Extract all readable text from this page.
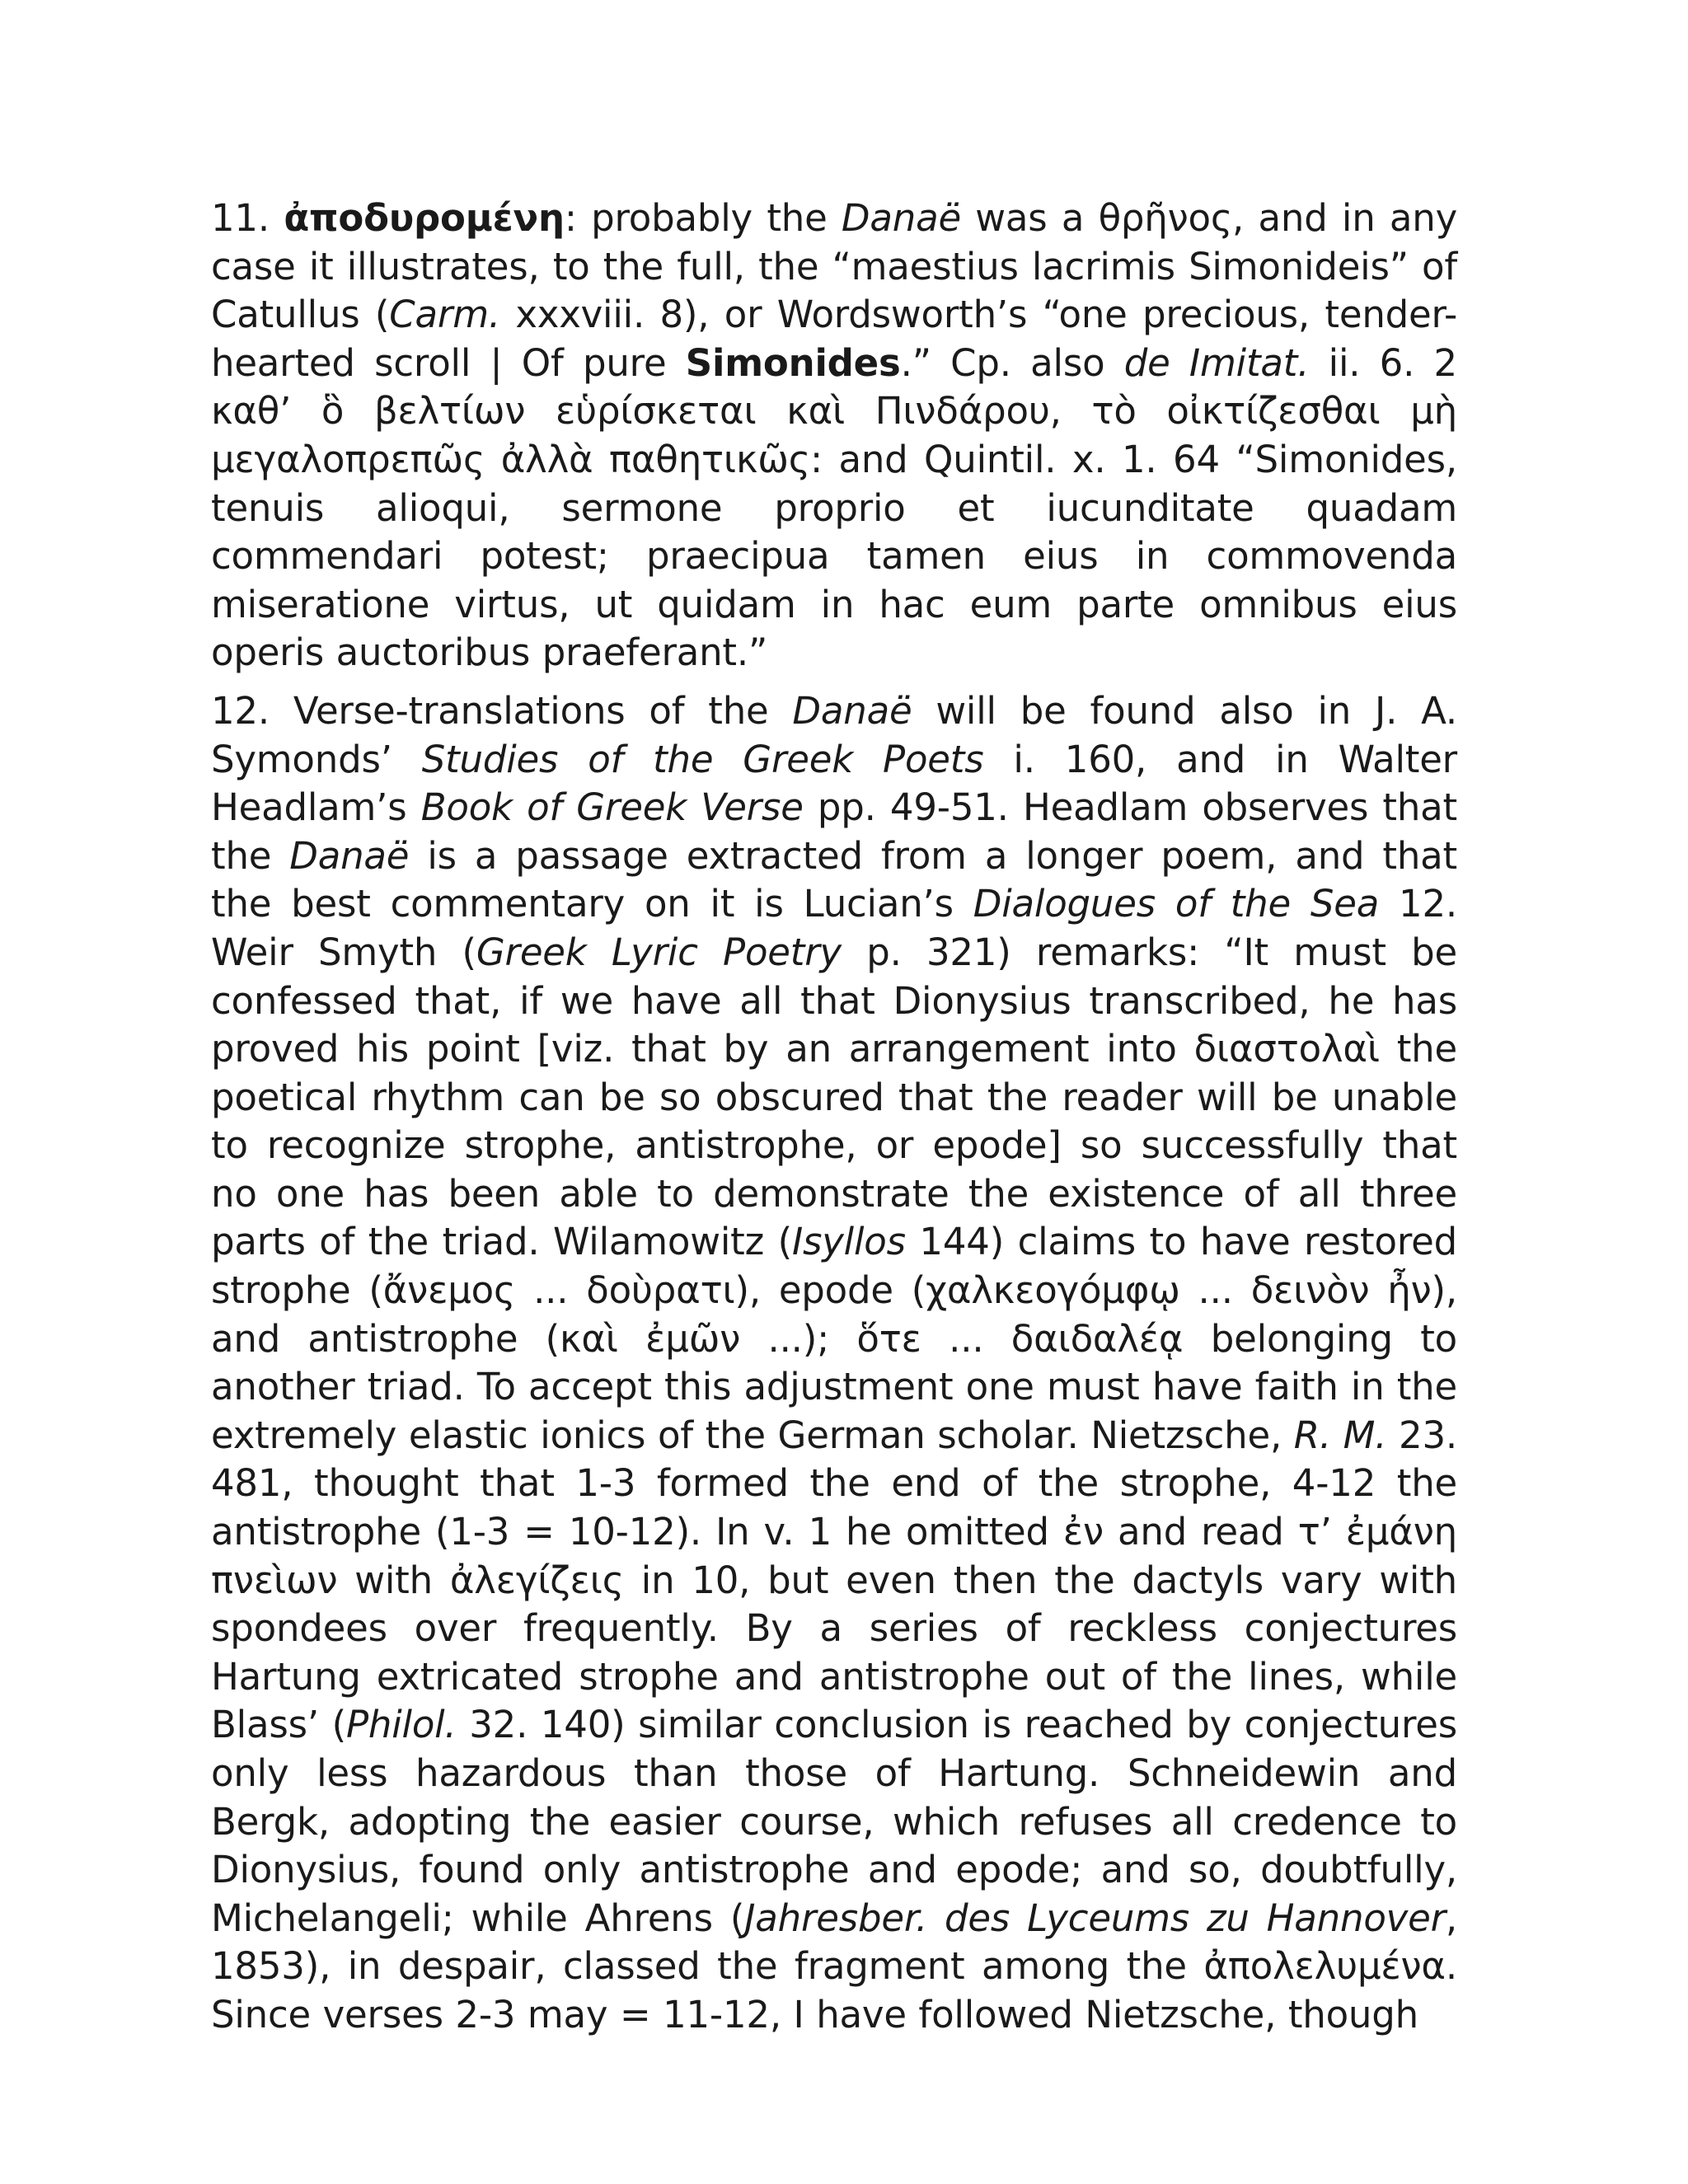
11. ἀποδυρομένη: probably the Danaë was a θρῆνος, and in any case it illustrates, to the full, the “maestius lacrimis Simonideis” of Catullus (Carm. xxxviii. 8), or Wordsworth’s “one precious, tender-hearted scroll | Of pure Simonides.” Cp. also de Imitat. ii. 6. 2 καθ’ ὃ βελτίων εὑρίσκεται καὶ Πινδάρου, τὸ οἰκτίζεσθαι μὴ μεγαλοπρεπῶς ἀλλὰ παθητικῶς: and Quintil. x. 1. 64 “Simonides, tenuis alioqui, sermone proprio et iucunditate quadam commendari potest; praecipua tamen eius in commovenda miseratione virtus, ut quidam in hac eum parte omnibus eius operis auctoribus praeferant.”

12. Verse-translations of the Danaë will be found also in J. A. Symonds’ Studies of the Greek Poets i. 160, and in Walter Headlam’s Book of Greek Verse pp. 49-51. Headlam observes that the Danaë is a passage extracted from a longer poem, and that the best commentary on it is Lucian’s Dialogues of the Sea 12. Weir Smyth (Greek Lyric Poetry p. 321) remarks: “It must be confessed that, if we have all that Dionysius transcribed, he has proved his point [viz. that by an arrangement into διαστολαὶ the poetical rhythm can be so obscured that the reader will be unable to recognize strophe, antistrophe, or epode] so successfully that no one has been able to demonstrate the existence of all three parts of the triad. Wilamowitz (Isyllos 144) claims to have restored strophe (ἄνεμος ... δοὺρατι), epode (χαλκεογόμφῳ ... δεινὸν ἦν), and antistrophe (καὶ ἐμῶν ...); ὅτε ... δαιδαλέᾳ belonging to another triad. To accept this adjustment one must have faith in the extremely elastic ionics of the German scholar. Nietzsche, R. M. 23. 481, thought that 1-3 formed the end of the strophe, 4-12 the antistrophe (1-3 = 10-12). In v. 1 he omitted ἐν and read τ’ ἐμάνη πνεὶων with ἀλεγίζεις in 10, but even then the dactyls vary with spondees over frequently. By a series of reckless conjectures Hartung extricated strophe and antistrophe out of the lines, while Blass’ (Philol. 32. 140) similar conclusion is reached by conjectures only less hazardous than those of Hartung. Schneidewin and Bergk, adopting the easier course, which refuses all credence to Dionysius, found only antistrophe and epode; and so, doubtfully, Michelangeli; while Ahrens (Jahresber. des Lyceums zu Hannover, 1853), in despair, classed the fragment among the ἀπολελυμένα. Since verses 2-3 may = 11-12, I have followed Nietzsche, though
